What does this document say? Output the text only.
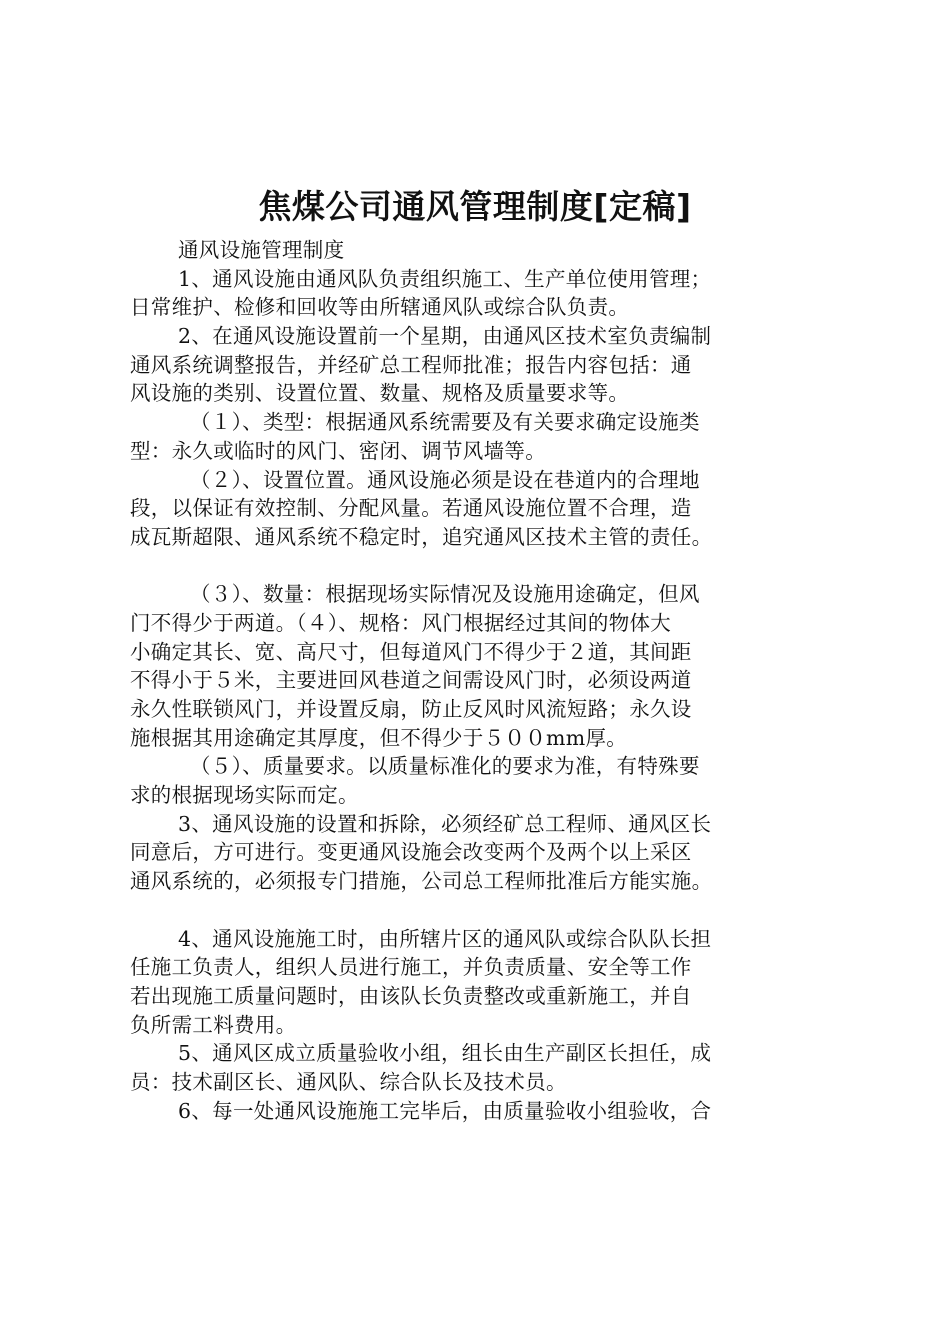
焦煤公司通风管理制度[定稿]
通风设施管理制度
1、通风设施由通风队负责组织施工、生产单位使用管理；
日常维护、检修和回收等由所辖通风队或综合队负责。
2、在通风设施设置前一个星期，由通风区技术室负责编制
通风系统调整报告，并经矿总工程师批准；报告内容包括：通
风设施的类别、设置位置、数量、规格及质量要求等。
（１）、类型：根据通风系统需要及有关要求确定设施类
型：永久或临时的风门、密闭、调节风墙等。
（２）、设置位置。通风设施必须是设在巷道内的合理地
段，以保证有效控制、分配风量。若通风设施位置不合理，造
成瓦斯超限、通风系统不稳定时，追究通风区技术主管的责任。
（３）、数量：根据现场实际情况及设施用途确定，但风
门不得少于两道。（４）、规格：风门根据经过其间的物体大
小确定其长、宽、高尺寸，但每道风门不得少于２道，其间距
不得小于５米，主要进回风巷道之间需设风门时，必须设两道
永久性联锁风门，并设置反扇，防止反风时风流短路；永久设
施根据其用途确定其厚度，但不得少于５００mm厚。
（５）、质量要求。以质量标准化的要求为准，有特殊要
求的根据现场实际而定。
3、通风设施的设置和拆除，必须经矿总工程师、通风区长
同意后，方可进行。变更通风设施会改变两个及两个以上采区
通风系统的，必须报专门措施，公司总工程师批准后方能实施。
4、通风设施施工时，由所辖片区的通风队或综合队队长担
任施工负责人，组织人员进行施工，并负责质量、安全等工作
若出现施工质量问题时，由该队长负责整改或重新施工，并自
负所需工料费用。
5、通风区成立质量验收小组，组长由生产副区长担任，成
员：技术副区长、通风队、综合队长及技术员。
6、每一处通风设施施工完毕后，由质量验收小组验收，合
